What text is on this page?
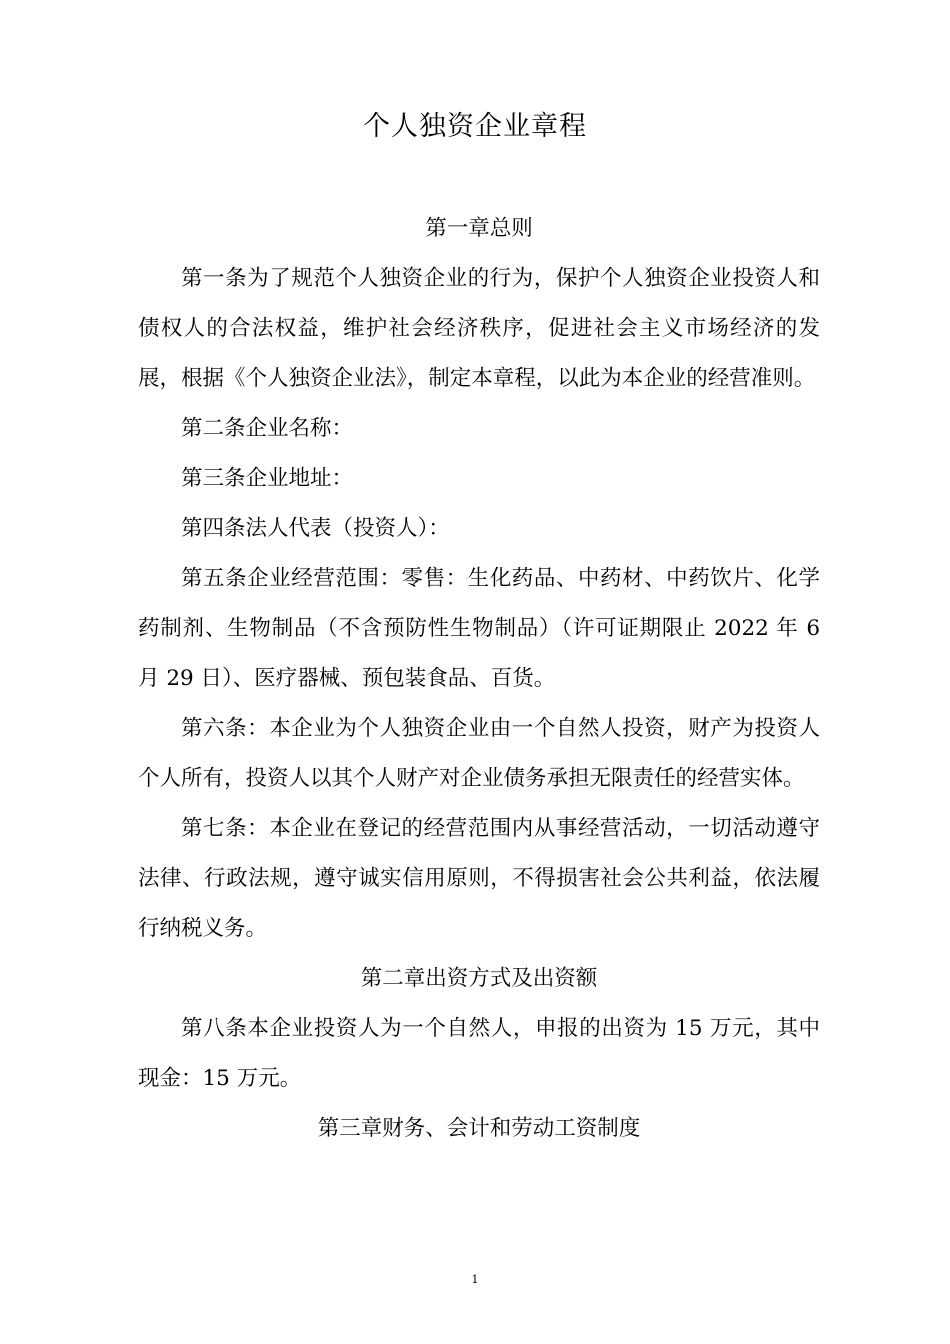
个人独资企业章程
第一章总则

第一条为了规范个人独资企业的行为，保护个人独资企业投资人和债权人的合法权益，维护社会经济秩序，促进社会主义市场经济的发展，根据《个人独资企业法》，制定本章程，以此为本企业的经营准则。

第二条企业名称：

第三条企业地址：

第四条法人代表（投资人）：

第五条企业经营范围：零售：生化药品、中药材、中药饮片、化学药制剂、生物制品（不含预防性生物制品）（许可证期限止 2022 年 6 月 29 日）、医疗器械、预包装食品、百货。

第六条：本企业为个人独资企业由一个自然人投资，财产为投资人个人所有，投资人以其个人财产对企业债务承担无限责任的经营实体。

第七条：本企业在登记的经营范围内从事经营活动，一切活动遵守法律、行政法规，遵守诚实信用原则，不得损害社会公共利益，依法履行纳税义务。

第二章出资方式及出资额

第八条本企业投资人为一个自然人，申报的出资为 15 万元，其中现金：15 万元。

第三章财务、会计和劳动工资制度
1
